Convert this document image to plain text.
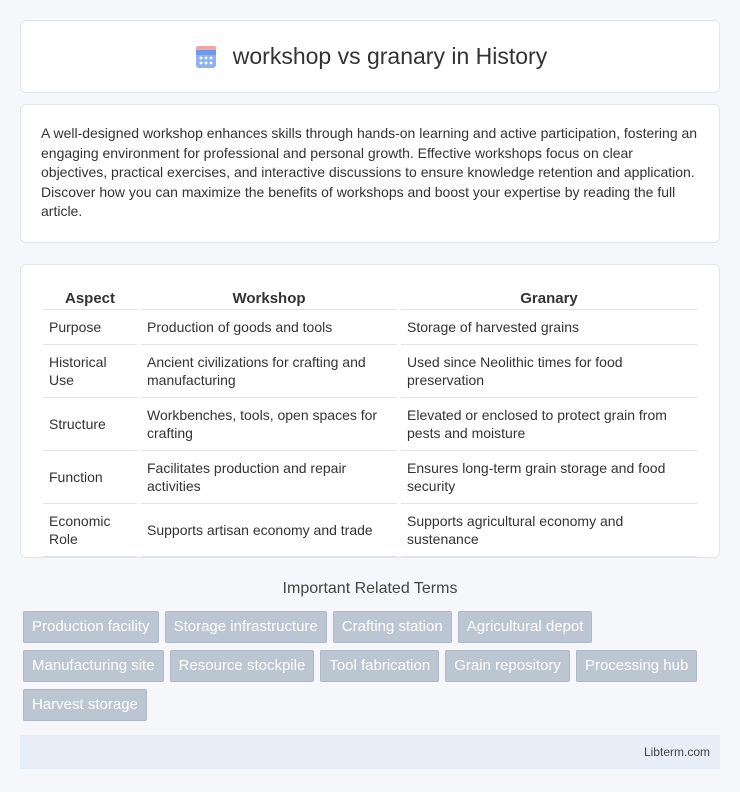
workshop vs granary in History

A well-designed workshop enhances skills through hands-on learning and active participation, fostering an engaging environment for professional and personal growth. Effective workshops focus on clear objectives, practical exercises, and interactive discussions to ensure knowledge retention and application. Discover how you can maximize the benefits of workshops and boost your expertise by reading the full article.

Aspect	Workshop	Granary
Purpose	Production of goods and tools	Storage of harvested grains
Historical Use	Ancient civilizations for crafting and manufacturing	Used since Neolithic times for food preservation
Structure	Workbenches, tools, open spaces for crafting	Elevated or enclosed to protect grain from pests and moisture
Function	Facilitates production and repair activities	Ensures long-term grain storage and food security
Economic Role	Supports artisan economy and trade	Supports agricultural economy and sustenance
Important Related Terms
Production facility	Storage infrastructure	Crafting station	Agricultural depot
Manufacturing site	Resource stockpile	Tool fabrication	Grain repository	Processing hub
Harvest storage
Libterm.com
